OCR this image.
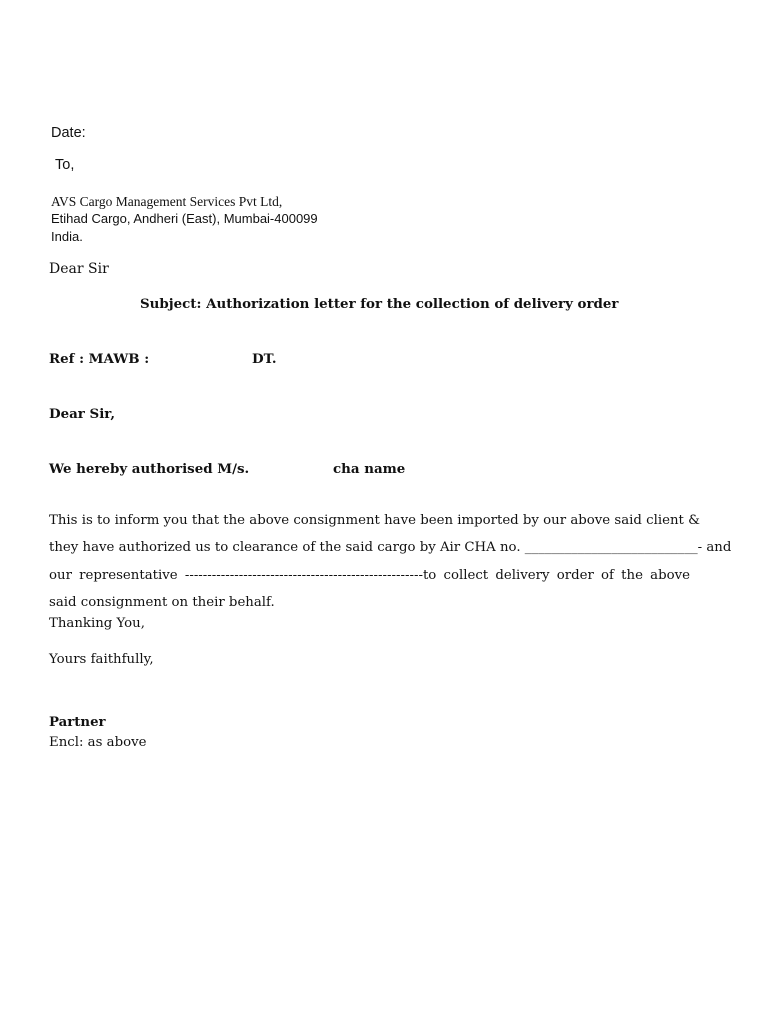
Date:
To,
AVS Cargo Management Services Pvt Ltd,
Etihad Cargo, Andheri (East), Mumbai-400099
India.
Dear Sir
Subject: Authorization letter for the collection of delivery order
Ref : MAWB :	DT.
Dear Sir,
We hereby authorised M/s.	cha name
This is to inform you that the above consignment have been imported by our above said client &
they have authorized us to clearance of the said cargo by Air CHA no. __________________________- and
our representative -----------------------------------------------------to collect delivery order of the above
said consignment on their behalf.
Thanking You,
Yours faithfully,
Partner
Encl: as above
